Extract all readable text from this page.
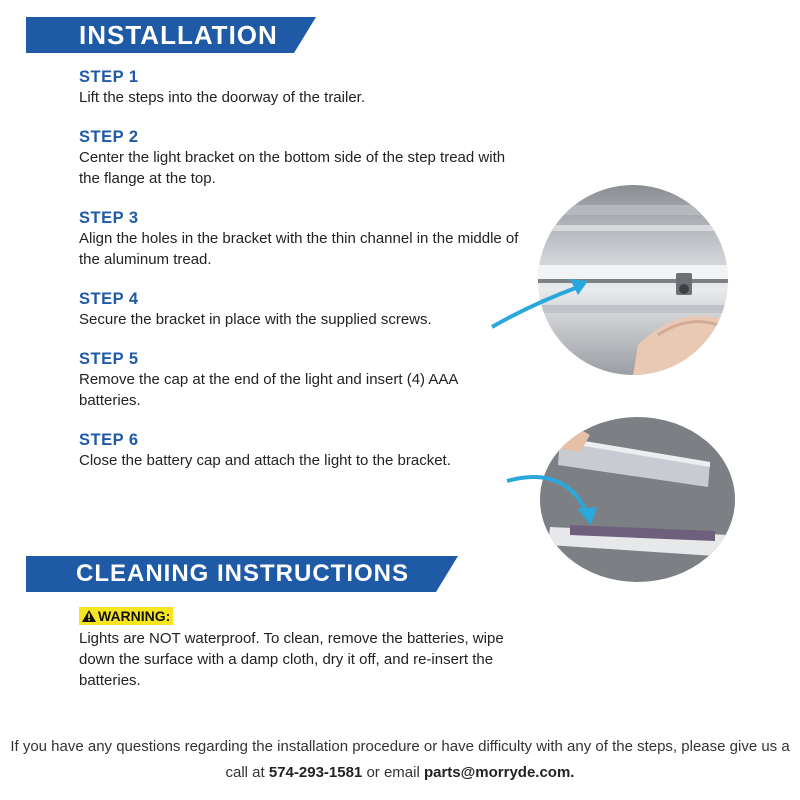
INSTALLATION
STEP 1
Lift the steps into the doorway of the trailer.
STEP 2
Center the light bracket on the bottom side of the step tread with the flange at the top.
STEP 3
Align the holes in the bracket with the thin channel in the middle of the aluminum tread.
STEP 4
Secure the bracket in place with the supplied screws.
STEP 5
Remove the cap at the end of the light and insert (4) AAA batteries.
STEP 6
Close the battery cap and attach the light to the bracket.
CLEANING INSTRUCTIONS
WARNING:
Lights are NOT waterproof. To clean, remove the batteries, wipe down the surface with a damp cloth, dry it off, and re-insert the batteries.
If you have any questions regarding the installation procedure or have difficulty with any of the steps, please give us a call at 574-293-1581 or email parts@morryde.com.
